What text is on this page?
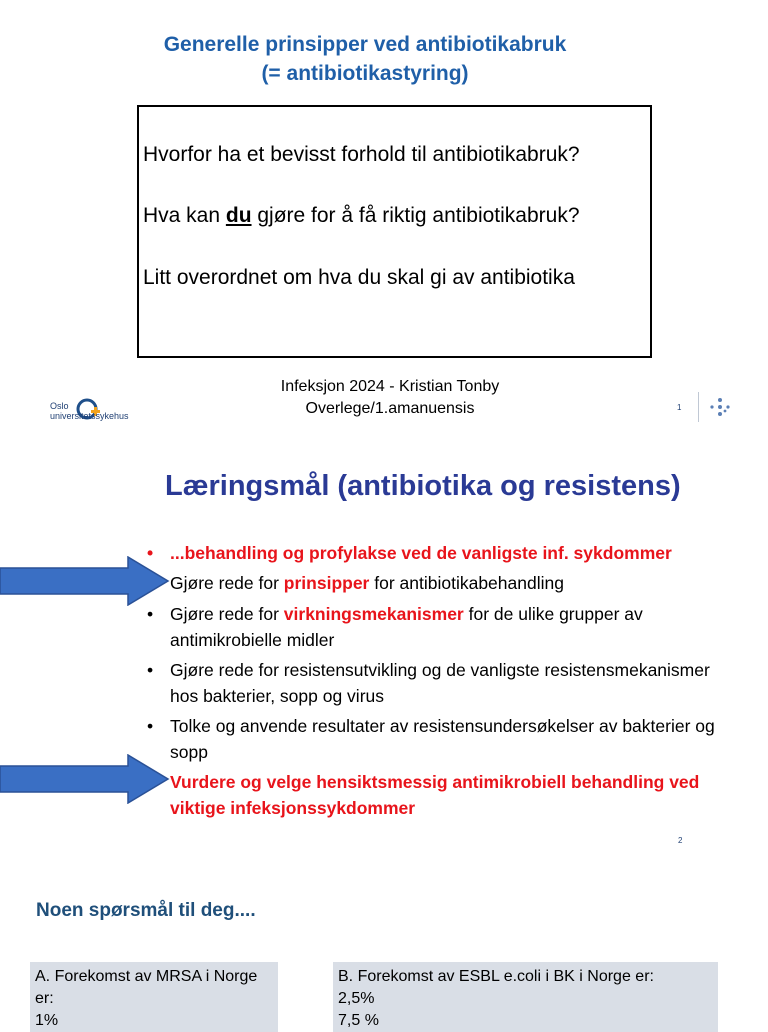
Generelle prinsipper ved antibiotikabruk
(= antibiotikastyring)
Hvorfor ha et bevisst forhold til antibiotikabruk?
Hva kan du gjøre for å få riktig antibiotikabruk?
Litt overordnet om hva du skal gi av antibiotika
Infeksjon 2024 - Kristian Tonby
Overlege/1.amanuensis
Oslo
universitetssykehus
1
Læringsmål (antibiotika og resistens)
• ...behandling og profylakse ved de vanligste inf. sykdommer
Gjøre rede for prinsipper for antibiotikabehandling
• Gjøre rede for virkningsmekanismer for de ulike grupper av antimikrobielle midler
• Gjøre rede for resistensutvikling og de vanligste resistensmekanismer hos bakterier, sopp og virus
• Tolke og anvende resultater av resistensundersøkelser av bakterier og sopp
Vurdere og velge hensiktsmessig antimikrobiell behandling ved viktige infeksjonssykdommer
2
Noen spørsmål til deg....
A. Forekomst av MRSA i Norge
er:
1%
B. Forekomst av ESBL e.coli i BK i Norge er:
2,5%
7,5 %
